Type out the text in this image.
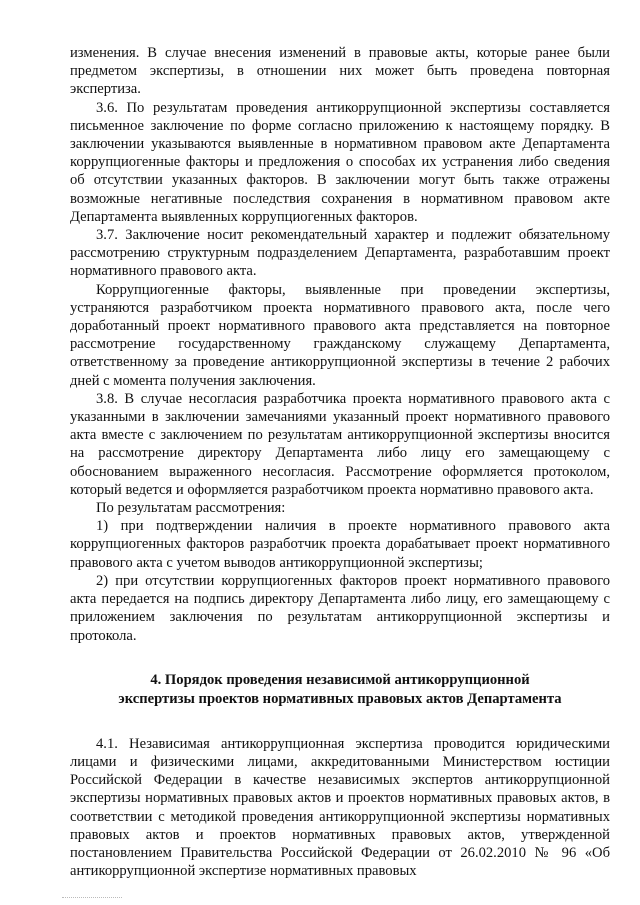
изменения. В случае внесения изменений в правовые акты, которые ранее были предметом экспертизы, в отношении них может быть проведена повторная экспертиза.

3.6. По результатам проведения антикоррупционной экспертизы составляется письменное заключение по форме согласно приложению к настоящему порядку. В заключении указываются выявленные в нормативном правовом акте Департамента коррупциогенные факторы и предложения о способах их устранения либо сведения об отсутствии указанных факторов. В заключении могут быть также отражены возможные негативные последствия сохранения в нормативном правовом акте Департамента выявленных коррупциогенных факторов.

3.7. Заключение носит рекомендательный характер и подлежит обязательному рассмотрению структурным подразделением Департамента, разработавшим проект нормативного правового акта.

Коррупциогенные факторы, выявленные при проведении экспертизы, устраняются разработчиком проекта нормативного правового акта, после чего доработанный проект нормативного правового акта представляется на повторное рассмотрение государственному гражданскому служащему Департамента, ответственному за проведение антикоррупционной экспертизы в течение 2 рабочих дней с момента получения заключения.

3.8. В случае несогласия разработчика проекта нормативного правового акта с указанными в заключении замечаниями указанный проект нормативного правового акта вместе с заключением по результатам антикоррупционной экспертизы вносится на рассмотрение директору Департамента либо лицу его замещающему с обоснованием выраженного несогласия. Рассмотрение оформляется протоколом, который ведется и оформляется разработчиком проекта нормативно правового акта.

По результатам рассмотрения:

1) при подтверждении наличия в проекте нормативного правового акта коррупциогенных факторов разработчик проекта дорабатывает проект нормативного правового акта с учетом выводов антикоррупционной экспертизы;

2) при отсутствии коррупциогенных факторов проект нормативного правового акта передается на подпись директору Департамента либо лицу, его замещающему с приложением заключения по результатам антикоррупционной экспертизы и протокола.

4. Порядок проведения независимой антикоррупционной
экспертизы проектов нормативных правовых актов Департамента

4.1. Независимая антикоррупционная экспертиза проводится юридическими лицами и физическими лицами, аккредитованными Министерством юстиции Российской Федерации в качестве независимых экспертов антикоррупционной экспертизы нормативных правовых актов и проектов нормативных правовых актов, в соответствии с методикой проведения антикоррупционной экспертизы нормативных правовых актов и проектов нормативных правовых актов, утвержденной постановлением Правительства Российской Федерации от 26.02.2010 № 96 «Об антикоррупционной экспертизе нормативных правовых
